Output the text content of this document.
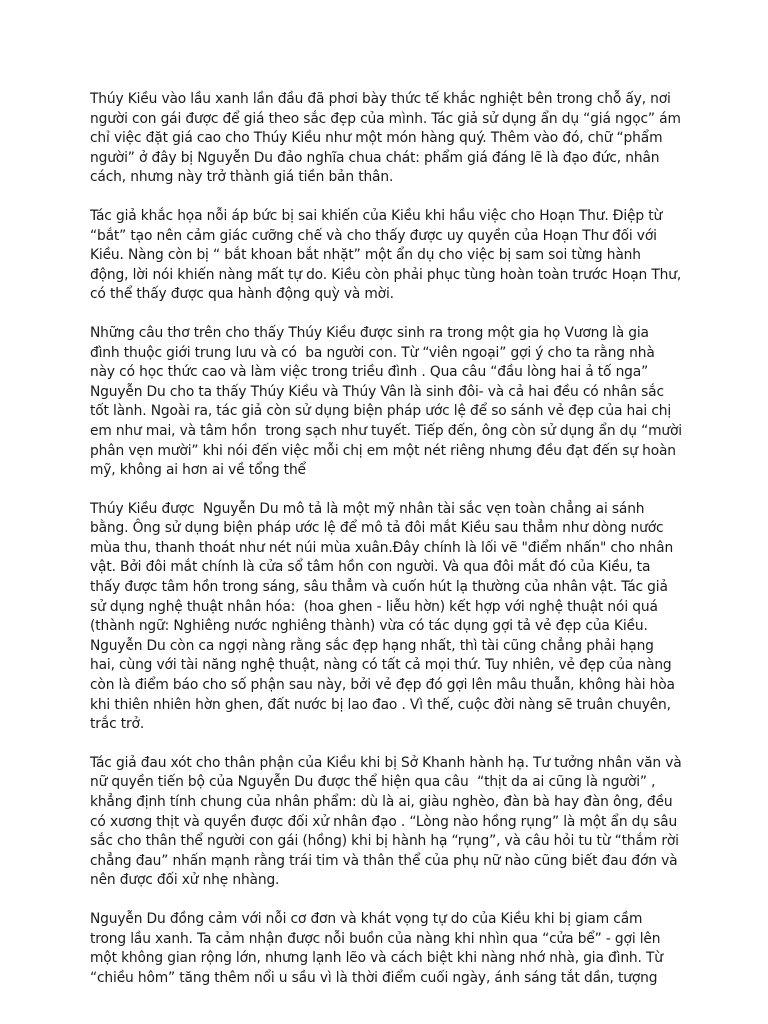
Thúy Kiều vào lầu xanh lần đầu đã phơi bày thức tế khắc nghiệt bên trong chỗ ấy, nơi người con gái được để giá theo sắc đẹp của mình. Tác giả sử dụng ẩn dụ “giá ngọc” ám chỉ việc đặt giá cao cho Thúy Kiều như một món hàng quý. Thêm vào đó, chữ “phẩm người” ở đây bị Nguyễn Du đảo nghĩa chua chát: phẩm giá đáng lẽ là đạo đức, nhân cách, nhưng này trở thành giá tiền bản thân.

Tác giả khắc họa nỗi áp bức bị sai khiến của Kiều khi hầu việc cho Hoạn Thư. Điệp từ “bắt” tạo nên cảm giác cưỡng chế và cho thấy được uy quyền của Hoạn Thư đối với Kiều. Nàng còn bị “ bắt khoan bắt nhặt” một ẩn dụ cho việc bị sam soi từng hành động, lời nói khiến nàng mất tự do. Kiều còn phải phục tùng hoàn toàn trước Hoạn Thư, có thể thấy được qua hành động quỳ và mời.

Những câu thơ trên cho thấy Thúy Kiều được sinh ra trong một gia họ Vương là gia đình thuộc giới trung lưu và có  ba người con. Từ “viên ngoại” gợi ý cho ta rằng nhà này có học thức cao và làm việc trong triều đình . Qua câu “đầu lòng hai ả tố nga” Nguyễn Du cho ta thấy Thúy Kiều và Thúy Vân là sinh đôi- và cả hai đều có nhân sắc tốt lành. Ngoài ra, tác giả còn sử dụng biện pháp ước lệ để so sánh vẻ đẹp của hai chị em như mai, và tâm hồn  trong sạch như tuyết. Tiếp đến, ông còn sử dụng ẩn dụ “mười phân vẹn mười” khi nói đến việc mỗi chị em một nét riêng nhưng đều đạt đến sự hoàn mỹ, không ai hơn ai về tổng thể

Thúy Kiều được  Nguyễn Du mô tả là một mỹ nhân tài sắc vẹn toàn chẳng ai sánh bằng. Ông sử dụng biện pháp ước lệ để mô tả đôi mắt Kiều sau thẳm như dòng nước mùa thu, thanh thoát như nét núi mùa xuân.Đây chính là lối vẽ "điểm nhấn" cho nhân vật. Bởi đôi mắt chính là cửa sổ tâm hồn con người. Và qua đôi mắt đó của Kiều, ta thấy được tâm hồn trong sáng, sâu thẳm và cuốn hút lạ thường của nhân vật. Tác giả sử dụng nghệ thuật nhân hóa:  (hoa ghen - liễu hờn) kết hợp với nghệ thuật nói quá (thành ngữ: Nghiêng nước nghiêng thành) vừa có tác dụng gợi tả vẻ đẹp của Kiều.  Nguyễn Du còn ca ngợi nàng rằng sắc đẹp hạng nhất, thì tài cũng chẳng phải hạng hai, cùng với tài năng nghệ thuật, nàng có tất cả mọi thứ. Tuy nhiên, vẻ đẹp của nàng còn là điểm báo cho số phận sau này, bởi vẻ đẹp đó gợi lên mâu thuẫn, không hài hòa khi thiên nhiên hờn ghen, đất nước bị lao đao . Vì thế, cuộc đời nàng sẽ truân chuyên, trắc trở.

Tác giả đau xót cho thân phận của Kiều khi bị Sở Khanh hành hạ. Tư tưởng nhân văn và nữ quyền tiến bộ của Nguyễn Du được thể hiện qua câu  “thịt da ai cũng là người” , khẳng định tính chung của nhân phẩm: dù là ai, giàu nghèo, đàn bà hay đàn ông, đều có xương thịt và quyền được đối xử nhân đạo . “Lòng nào hồng rụng” là một ẩn dụ sâu sắc cho thân thể người con gái (hồng) khi bị hành hạ “rụng”, và câu hỏi tu từ “thắm rời chẳng đau” nhấn mạnh rằng trái tim và thân thể của phụ nữ nào cũng biết đau đớn và nên được đối xử nhẹ nhàng.

Nguyễn Du đồng cảm với nỗi cơ đơn và khát vọng tự do của Kiều khi bị giam cầm trong lầu xanh. Ta cảm nhận được nỗi buồn của nàng khi nhìn qua “cửa bể” - gợi lên một không gian rộng lớn, nhưng lạnh lẽo và cách biệt khi nàng nhớ nhà, gia đình. Từ “chiều hôm” tăng thêm nổi u sầu vì là thời điểm cuối ngày, ánh sáng tắt dần, tượng
